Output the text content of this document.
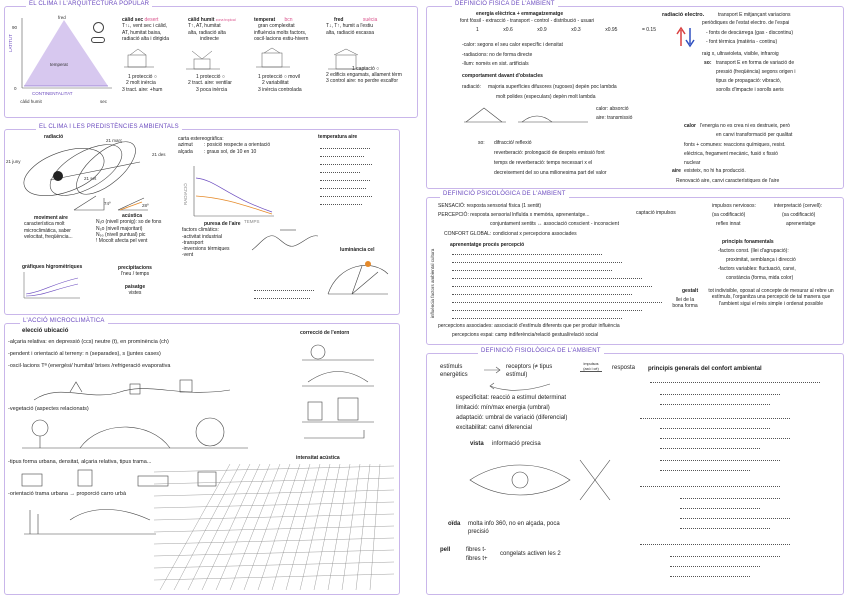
EL CLIMA I L'ARQUITECTURA POPULAR
fred
temperat
càlid humit	sec
LATITUT
CONTINENTALITAT
90
0
càlid sec desert
T↑↓, vent sec i càlid,
AT, humitat baixa,
radiació alta i dirigida
1 protecció ○
2 molt inèrcia
3 tract. aire: +hum
càlid humit zona tropical
T↑, AT, humitat
alta, radiació alta
indirecte
1 protecció ○
2 tract. aire: ventilar
3 poca inèrcia
temperat bcn
gran complexitat
influència molts factors,
oscil·lacions estiu-hivern
1 protecció ○ movil
2 variabilitat
3 inèrcia controlada
fred	suècia
T↓, T↑, humit a l'estiu
alta, radiació escassa
1 captació ○
2 edificis engamats, allament tèrm
3 control aire: no perdre escalfor
EL CLIMA I LES PREDISTÈNCIES AMBIENTALS
radiació
21 juny
21 març
21 des
21 set
74º	28º
carta estereogràfica:
azimut : posició respecte a orientació
alçada : graus sol, de 10 en 10
RADIACIÓ
TEMPS
temperatura aire
moviment aire
característica molt
microclimàtica, saber
velocitat, freqüència...
acústica
N₁o (nivell pronig): so de fons
N₅o (nivell majoritari)
N₉₀ (nivell puntual) pic
! Mocolt afecta pel vent
puresa de l'aire
factors climàtics:
-activitat industrial
-transport
-inversions tèrmiques
-vent
luminància cel
gràfiques higromètriques	precipitacions
l'neu / temps
paisatge
vistes
L'ACCIÓ MICROCLIMÀTICA
elecció ubicació
-alçaria relativa: en depressió (ccs) neutre (t), en prominència (ch)
-pendent i orientació al terreny: n (separades), s (juntes cases)
-oscil·lacions Tª (energèsi/ humitat/ brises /refrigeració evaporativa
-vegetació (aspectes relacionats)
-tipus forma urbana, densitat, alçaria relativa, tipus trama...
-orientació trama urbana → proporció carro urbà
correcció de l'entorn
intensitat acústica
DEFINICIÓ FÍSICA DE L'AMBIENT
energia elèctrica + emmagatzematge
font fòssil - extracció - transport - control - distribució - usuari
1	x0.6	x0.9	x0.3	x0.95	= 0.15
-calor: segons el seu calor específic i densitat
-radiacions: no de forma directe
-llum: només en sist. artificials
comportament davant d'obstacles
radiació: majoria superfícies difusores (rugoses) depèn poc lambda
molt polides (especulars) depèn molt lambda
calor: absorció
aire: transmissió
so: difracció/ reflexió
reverberació: prolongació de després emissió font
temps de reverberació: temps necessari x el
decreixement del so una milionesima part del valor
radiació electro.	transport E mitjançant variacions
periòdiques de l'estat electro. de l'espai
- fonts de descàrrega (gas - discontinu)
- font tèrmica (matèria - continu)
raig x, ultravioleta, visible, infraroig
so: transport E en forma de variació de
pressió (freqüència) segons origen i
tipus de propagació: vibració,
sorolls d'impacte i sorolls aeris
calor l'energia no es crea ni es destrueix, però
en canvi transformació per qualitat
fonts + comunes: reaccions químiques, resist.
elèctrica, fregament mecànic, fusió x fissió
nuclear
aire existeix, no hi ha producció.
Renovació aire, canvi característiques de l'aire
DEFINICIÓ PSICOLÒGICA DE L'AMBIENT
SENSACIÓ: resposta sensorial física (1 sentit)
PERCEPCIÓ: resposta sensorial lnfluïda x memòria, aprenentatge...
conjuntament sentits ↔ associació conscient - inconscient
CONFORT GLOBAL: condicionat x percepcions associades
aprenentatge procés percepció
influència factors ambiental cultura
captació impulsos
impulsos nerviosos:
(sa codificació)
reflex innat
interpretació (cervell):
(sa codificació)
aprenentatge
principis fonamentals
-factors const. (llei d'agrupació):
proximitat, semblança i direcció
-factors variables: fluctuació, canvi,
constància (forma, mida color)
gestalt
llei de la bona forma
tot indivisible, oposat al concepte de mesurar al rebre un estímuls, l'organitza una percepció de tal manera que l'ambient sigui el més simple i ordenat possible
percepcions associades: associació d'estímuls diferents que per produir influència
percepcions espai: camp indiferència/relació gestual/relació social
DEFINICIÓ FISIOLÒGICA DE L'AMBIENT
estímuls energètics
receptors (≠ tipus estímul)
impulsos (axò i cé)	resposta principis generals del confort ambiental
especificitat: reacció a estímul determinat
limitació: mín/max energia (umbral)
adaptació: umbral de variació (diferencial)
excitabilitat: canvi diferencial
vista informació precisa
oïda molta info 360, no en alçada, poca precisió
pell	fibres t-
fibres t+
congelats activen les 2
